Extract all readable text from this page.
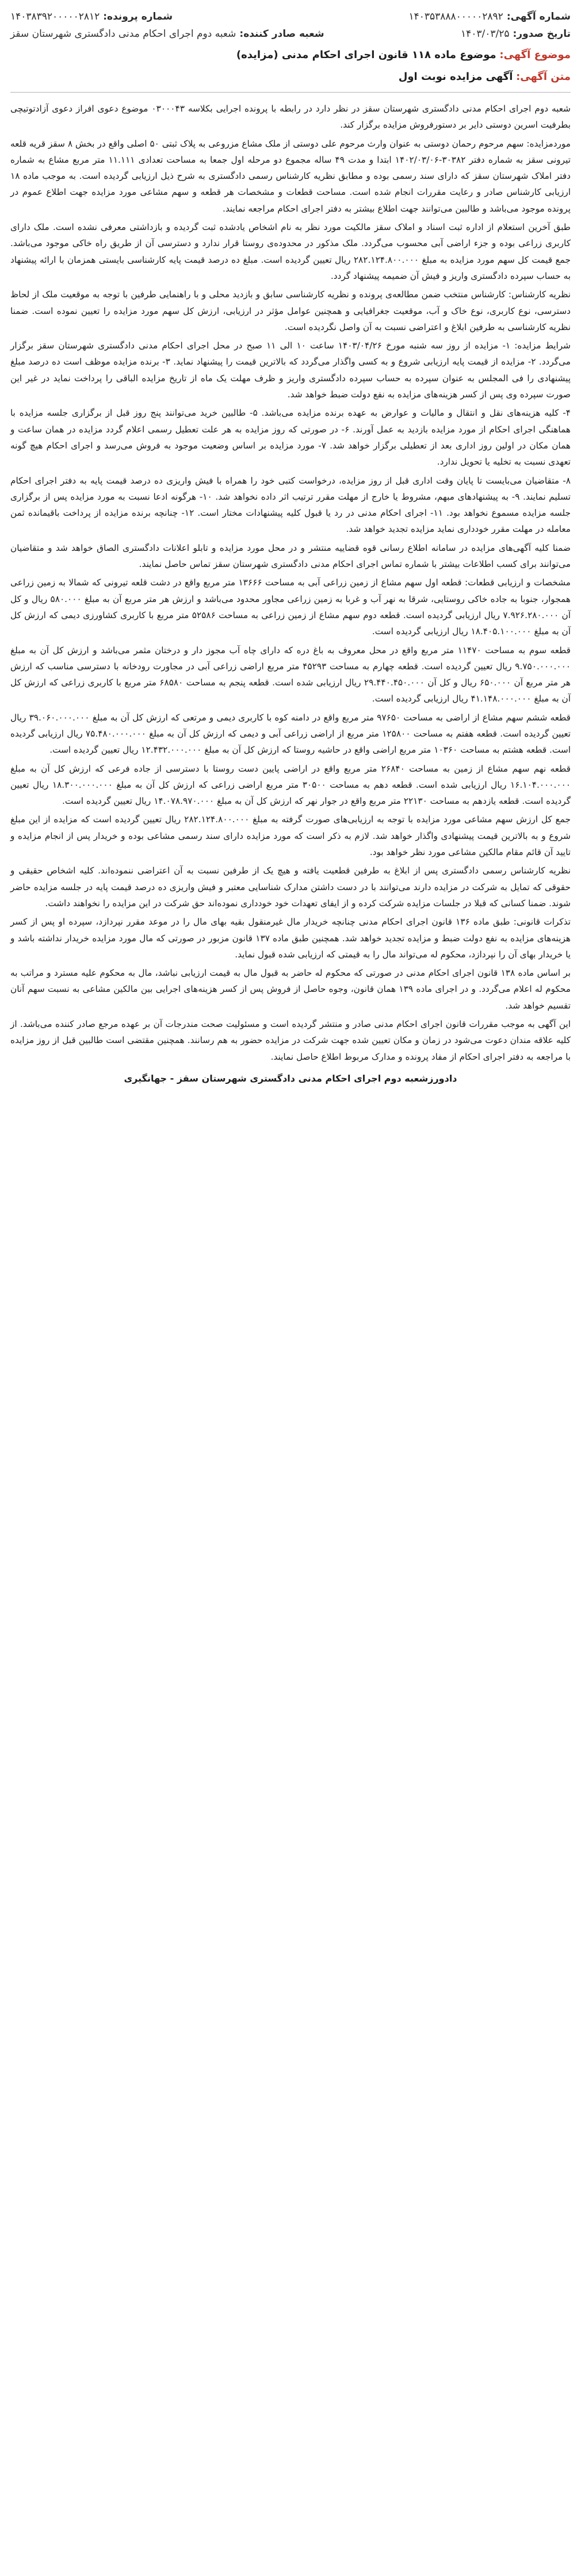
شماره آگهی:
۱۴۰۳۵۳۸۸۸۰۰۰۰۰۲۸۹۲
شماره پرونده:
۱۴۰۳۸۳۹۲۰۰۰۰۰۲۸۱۲
تاریخ صدور:
۱۴۰۳/۰۳/۲۵
شعبه صادر کننده:
شعبه دوم اجرای احکام مدنی دادگستری شهرستان سقز
موضوع آگهی: موضوع ماده ۱۱۸ قانون اجرای احکام مدنی (مزایده)
متن آگهی: آگهی مزایده نوبت اول

شعبه دوم اجرای احکام مدنی دادگستری شهرستان سقز در نظر دارد در رابطه با پرونده اجرایی بکلاسه ۰۳۰۰۰۴۳ موضوع دعوی افراز دعوی آزادتوتیچی بطرفیت اسرین دوستی دایر بر دستورفروش مزایده برگزار کند.

موردمزایده: سهم مرحوم رحمان دوستی به عنوان وارث مرحوم علی دوستی از ملک مشاع مزروعی به پلاک ثبتی ۵۰ اصلی واقع در بخش ۸ سقز قریه قلعه تیرونی سقز به شماره دفتر ۳۰۳۸۲-۱۴۰۲/۰۳/۰۶ ابتدا و مدت ۴۹ ساله مجموع دو مرحله اول جمعا به مساحت تعدادی ۱۱.۱۱۱ متر مربع مشاع به شماره دفتر املاک شهرستان سقز که دارای سند رسمی بوده و مطابق نظریه کارشناس رسمی دادگستری به شرح ذیل ارزیابی گردیده است. به موجب ماده ۱۸ ارزیابی کارشناس صادر و رعایت مقررات انجام شده است. مساحت قطعات و مشخصات هر قطعه و سهم مشاعی مورد مزایده جهت اطلاع عموم در پرونده موجود می‌باشد و طالبین می‌توانند جهت اطلاع بیشتر به دفتر اجرای احکام مراجعه نمایند.

طبق آخرین استعلام از اداره ثبت اسناد و املاک سقز مالکیت مورد نظر به نام اشخاص یادشده ثبت گردیده و بازداشتی معرفی نشده است. ملک دارای کاربری زراعی بوده و جزء اراضی آبی محسوب می‌گردد. ملک مذکور در محدوده‌ی روستا قرار ندارد و دسترسی آن از طریق راه خاکی موجود می‌باشد. جمع قیمت کل سهم مورد مزایده به مبلغ ۲۸۲.۱۲۴.۸۰۰.۰۰۰ ریال تعیین گردیده است. مبلغ ده درصد قیمت پایه کارشناسی بایستی همزمان با ارائه پیشنهاد به حساب سپرده دادگستری واریز و فیش آن ضمیمه پیشنهاد گردد.

نظریه کارشناس: کارشناس منتخب ضمن مطالعه‌ی پرونده و نظریه کارشناسی سابق و بازدید محلی و با راهنمایی طرفین با توجه به موقعیت ملک از لحاظ دسترسی، نوع کاربری، نوع خاک و آب، موقعیت جغرافیایی و همچنین عوامل مؤثر در ارزیابی، ارزش کل سهم مورد مزایده را تعیین نموده است. ضمنا نظریه کارشناسی به طرفین ابلاغ و اعتراضی نسبت به آن واصل نگردیده است.

شرایط مزایده: ۱- مزایده از روز سه شنبه مورخ ۱۴۰۳/۰۴/۲۶ ساعت ۱۰ الی ۱۱ صبح در محل اجرای احکام مدنی دادگستری شهرستان سقز برگزار می‌گردد. ۲- مزایده از قیمت پایه ارزیابی شروع و به کسی واگذار می‌گردد که بالاترین قیمت را پیشنهاد نماید. ۳- برنده مزایده موظف است ده درصد مبلغ پیشنهادی را فی المجلس به عنوان سپرده به حساب سپرده دادگستری واریز و ظرف مهلت یک ماه از تاریخ مزایده الباقی را پرداخت نماید در غیر این صورت سپرده وی پس از کسر هزینه‌های مزایده به نفع دولت ضبط خواهد شد.

۴- کلیه هزینه‌های نقل و انتقال و مالیات و عوارض به عهده برنده مزایده می‌باشد. ۵- طالبین خرید می‌توانند پنج روز قبل از برگزاری جلسه مزایده با هماهنگی اجرای احکام از مورد مزایده بازدید به عمل آورند. ۶- در صورتی که روز مزایده به هر علت تعطیل رسمی اعلام گردد مزایده در همان ساعت و همان مکان در اولین روز اداری بعد از تعطیلی برگزار خواهد شد. ۷- مورد مزایده بر اساس وضعیت موجود به فروش می‌رسد و اجرای احکام هیچ گونه تعهدی نسبت به تخلیه یا تحویل ندارد.

۸- متقاضیان می‌بایست تا پایان وقت اداری قبل از روز مزایده، درخواست کتبی خود را همراه با فیش واریزی ده درصد قیمت پایه به دفتر اجرای احکام تسلیم نمایند. ۹- به پیشنهادهای مبهم، مشروط یا خارج از مهلت مقرر ترتیب اثر داده نخواهد شد. ۱۰- هرگونه ادعا نسبت به مورد مزایده پس از برگزاری جلسه مزایده مسموع نخواهد بود. ۱۱- اجرای احکام مدنی در رد یا قبول کلیه پیشنهادات مختار است. ۱۲- چنانچه برنده مزایده از پرداخت باقیمانده ثمن معامله در مهلت مقرر خودداری نماید مزایده تجدید خواهد شد.

ضمنا کلیه آگهی‌های مزایده در سامانه اطلاع رسانی قوه قضاییه منتشر و در محل مورد مزایده و تابلو اعلانات دادگستری الصاق خواهد شد و متقاضیان می‌توانند برای کسب اطلاعات بیشتر با شماره تماس اجرای احکام مدنی دادگستری شهرستان سقز تماس حاصل نمایند.

مشخصات و ارزیابی قطعات: قطعه اول سهم مشاع از زمین زراعی آبی به مساحت ۱۳۶۶۶ متر مربع واقع در دشت قلعه تیرونی که شمالا به زمین زراعی همجوار، جنوبا به جاده خاکی روستایی، شرقا به نهر آب و غربا به زمین زراعی مجاور محدود می‌باشد و ارزش هر متر مربع آن به مبلغ ۵۸۰.۰۰۰ ریال و کل آن ۷.۹۲۶.۲۸۰.۰۰۰ ریال ارزیابی گردیده است. قطعه دوم سهم مشاع از زمین زراعی به مساحت ۵۲۵۸۶ متر مربع با کاربری کشاورزی دیمی که ارزش کل آن به مبلغ ۱۸.۴۰۵.۱۰۰.۰۰۰ ریال ارزیابی گردیده است.

قطعه سوم به مساحت ۱۱۴۷۰ متر مربع واقع در محل معروف به باغ دره که دارای چاه آب مجوز دار و درختان مثمر می‌باشد و ارزش کل آن به مبلغ ۹.۷۵۰.۰۰۰.۰۰۰ ریال تعیین گردیده است. قطعه چهارم به مساحت ۴۵۲۹۳ متر مربع اراضی زراعی آبی در مجاورت رودخانه با دسترسی مناسب که ارزش هر متر مربع آن ۶۵۰.۰۰۰ ریال و کل آن ۲۹.۴۴۰.۴۵۰.۰۰۰ ریال ارزیابی شده است. قطعه پنجم به مساحت ۶۸۵۸۰ متر مربع با کاربری زراعی که ارزش کل آن به مبلغ ۴۱.۱۴۸.۰۰۰.۰۰۰ ریال ارزیابی گردیده است.

قطعه ششم سهم مشاع از اراضی به مساحت ۹۷۶۵۰ متر مربع واقع در دامنه کوه با کاربری دیمی و مرتعی که ارزش کل آن به مبلغ ۳۹.۰۶۰.۰۰۰.۰۰۰ ریال تعیین گردیده است. قطعه هفتم به مساحت ۱۲۵۸۰۰ متر مربع از اراضی زراعی آبی و دیمی که ارزش کل آن به مبلغ ۷۵.۴۸۰.۰۰۰.۰۰۰ ریال ارزیابی گردیده است. قطعه هشتم به مساحت ۱۰۳۶۰ متر مربع اراضی واقع در حاشیه روستا که ارزش کل آن به مبلغ ۱۲.۴۳۲.۰۰۰.۰۰۰ ریال تعیین گردیده است.

قطعه نهم سهم مشاع از زمین به مساحت ۲۶۸۴۰ متر مربع واقع در اراضی پایین دست روستا با دسترسی از جاده فرعی که ارزش کل آن به مبلغ ۱۶.۱۰۴.۰۰۰.۰۰۰ ریال ارزیابی شده است. قطعه دهم به مساحت ۳۰۵۰۰ متر مربع اراضی زراعی که ارزش کل آن به مبلغ ۱۸.۳۰۰.۰۰۰.۰۰۰ ریال تعیین گردیده است. قطعه یازدهم به مساحت ۲۲۱۳۰ متر مربع واقع در جوار نهر که ارزش کل آن به مبلغ ۱۴.۰۷۸.۹۷۰.۰۰۰ ریال تعیین گردیده است.

جمع کل ارزش سهم مشاعی مورد مزایده با توجه به ارزیابی‌های صورت گرفته به مبلغ ۲۸۲.۱۲۴.۸۰۰.۰۰۰ ریال تعیین گردیده است که مزایده از این مبلغ شروع و به بالاترین قیمت پیشنهادی واگذار خواهد شد. لازم به ذکر است که مورد مزایده دارای سند رسمی مشاعی بوده و خریدار پس از انجام مزایده و تایید آن قائم مقام مالکین مشاعی مورد نظر خواهد بود.

نظریه کارشناس رسمی دادگستری پس از ابلاغ به طرفین قطعیت یافته و هیچ یک از طرفین نسبت به آن اعتراضی ننموده‌اند. کلیه اشخاص حقیقی و حقوقی که تمایل به شرکت در مزایده دارند می‌توانند با در دست داشتن مدارک شناسایی معتبر و فیش واریزی ده درصد قیمت پایه در جلسه مزایده حاضر شوند. ضمنا کسانی که قبلا در جلسات مزایده شرکت کرده و از ایفای تعهدات خود خودداری نموده‌اند حق شرکت در این مزایده را نخواهند داشت.

تذکرات قانونی: طبق ماده ۱۳۶ قانون اجرای احکام مدنی چنانچه خریدار مال غیرمنقول بقیه بهای مال را در موعد مقرر نپردازد، سپرده او پس از کسر هزینه‌های مزایده به نفع دولت ضبط و مزایده تجدید خواهد شد. همچنین طبق ماده ۱۳۷ قانون مزبور در صورتی که مال مورد مزایده خریدار نداشته باشد و یا خریدار بهای آن را نپردازد، محکوم له می‌تواند مال را به قیمتی که ارزیابی شده قبول نماید.

بر اساس ماده ۱۳۸ قانون اجرای احکام مدنی در صورتی که محکوم له حاضر به قبول مال به قیمت ارزیابی نباشد، مال به محکوم علیه مسترد و مراتب به محکوم له اعلام می‌گردد. و در اجرای ماده ۱۳۹ همان قانون، وجوه حاصل از فروش پس از کسر هزینه‌های اجرایی بین مالکین مشاعی به نسبت سهم آنان تقسیم خواهد شد.

این آگهی به موجب مقررات قانون اجرای احکام مدنی صادر و منتشر گردیده است و مسئولیت صحت مندرجات آن بر عهده مرجع صادر کننده می‌باشد. از کلیه علاقه مندان دعوت می‌شود در زمان و مکان تعیین شده جهت شرکت در مزایده حضور به هم رسانند. همچنین مقتضی است طالبین قبل از روز مزایده با مراجعه به دفتر اجرای احکام از مفاد پرونده و مدارک مربوط اطلاع حاصل نمایند.

دادورزشعبه دوم اجرای احکام مدنی دادگستری شهرستان سقز - جهانگیری
